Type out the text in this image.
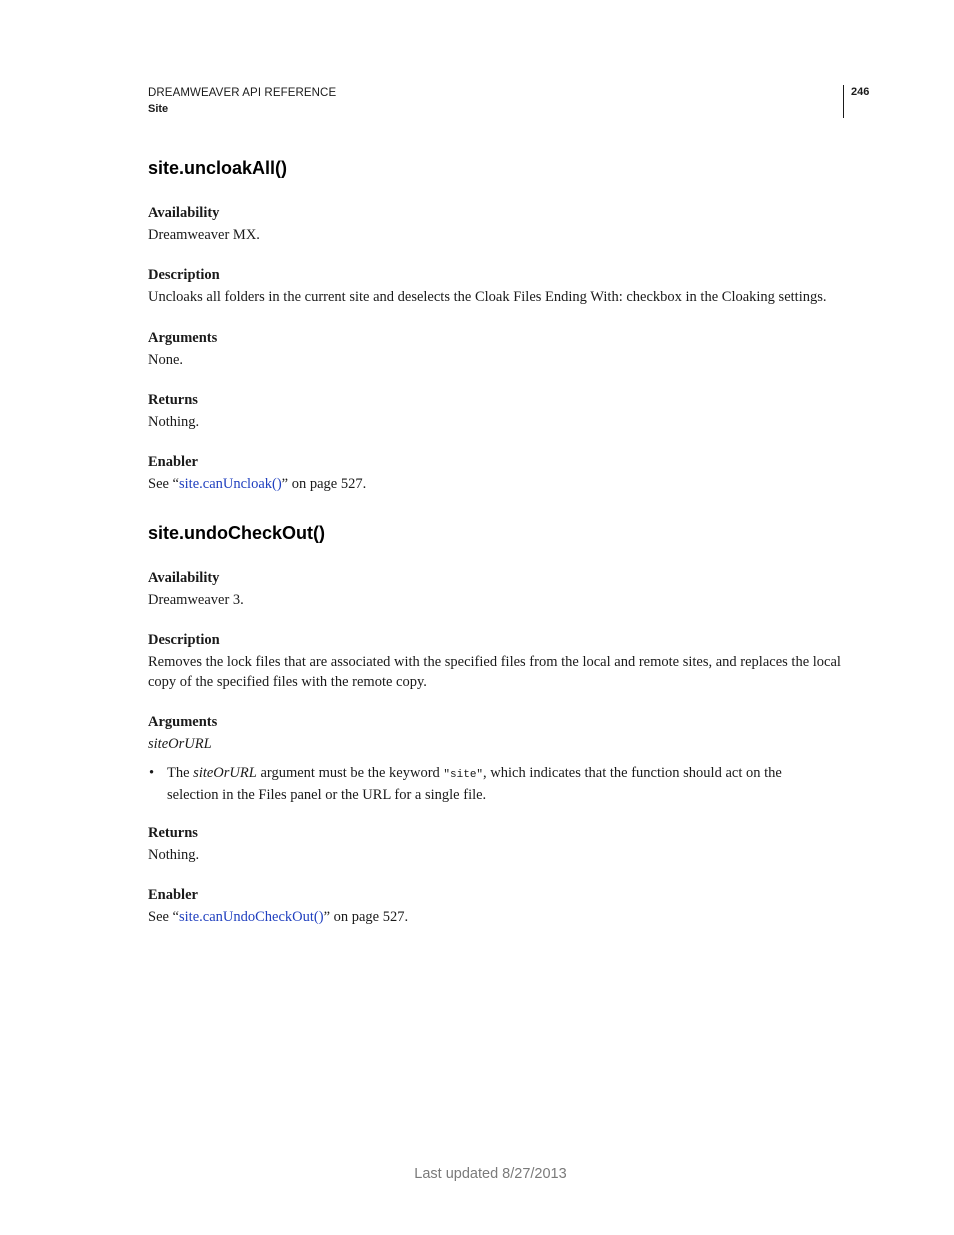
DREAMWEAVER API REFERENCE
Site
246
site.uncloakAll()
Availability
Dreamweaver MX.
Description
Uncloaks all folders in the current site and deselects the Cloak Files Ending With: checkbox in the Cloaking settings.
Arguments
None.
Returns
Nothing.
Enabler
See “site.canUncloak()” on page 527.
site.undoCheckOut()
Availability
Dreamweaver 3.
Description
Removes the lock files that are associated with the specified files from the local and remote sites, and replaces the local
copy of the specified files with the remote copy.
Arguments
siteOrURL
• The siteOrURL argument must be the keyword "site", which indicates that the function should act on the
selection in the Files panel or the URL for a single file.
Returns
Nothing.
Enabler
See “site.canUndoCheckOut()” on page 527.
Last updated 8/27/2013
